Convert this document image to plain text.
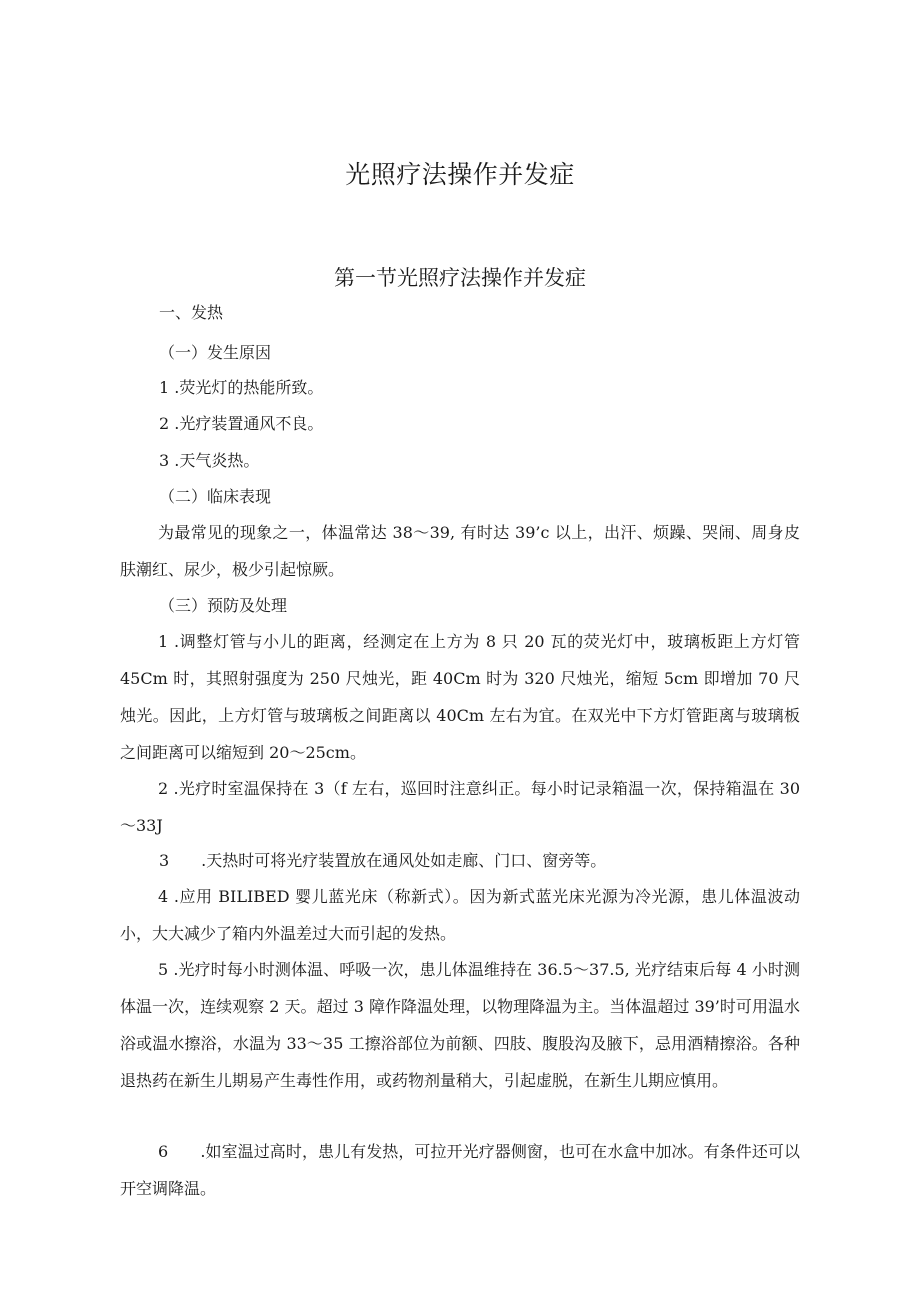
光照疗法操作并发症
第一节光照疗法操作并发症

一、发热

（一）发生原因

1 .荧光灯的热能所致。

2 .光疗装置通风不良。

3 .天气炎热。

（二）临床表现

为最常见的现象之一，体温常达 38～39, 有时达 39’c 以上，出汗、烦躁、哭闹、周身皮肤潮红、尿少，极少引起惊厥。

（三）预防及处理

1 .调整灯管与小儿的距离，经测定在上方为 8 只 20 瓦的荧光灯中，玻璃板距上方灯管 45Cm 时，其照射强度为 250 尺烛光，距 40Cm 时为 320 尺烛光，缩短 5cm 即增加 70 尺烛光。因此，上方灯管与玻璃板之间距离以 40Cm 左右为宜。在双光中下方灯管距离与玻璃板之间距离可以缩短到 20～25cm。

2 .光疗时室温保持在 3（f 左右，巡回时注意纠正。每小时记录箱温一次，保持箱温在 30～33J

3　　.天热时可将光疗装置放在通风处如走廊、门口、窗旁等。

4 .应用 BILIBED 婴儿蓝光床（称新式）。因为新式蓝光床光源为冷光源，患儿体温波动小，大大减少了箱内外温差过大而引起的发热。

5 .光疗时每小时测体温、呼吸一次，患儿体温维持在 36.5～37.5, 光疗结束后每 4 小时测体温一次，连续观察 2 天。超过 3 障作降温处理，以物理降温为主。当体温超过 39’时可用温水浴或温水擦浴，水温为 33～35 工擦浴部位为前额、四肢、腹股沟及腋下，忌用酒精擦浴。各种退热药在新生儿期易产生毒性作用，或药物剂量稍大，引起虚脱，在新生儿期应慎用。

6　　.如室温过高时，患儿有发热，可拉开光疗器侧窗，也可在水盒中加冰。有条件还可以开空调降温。
